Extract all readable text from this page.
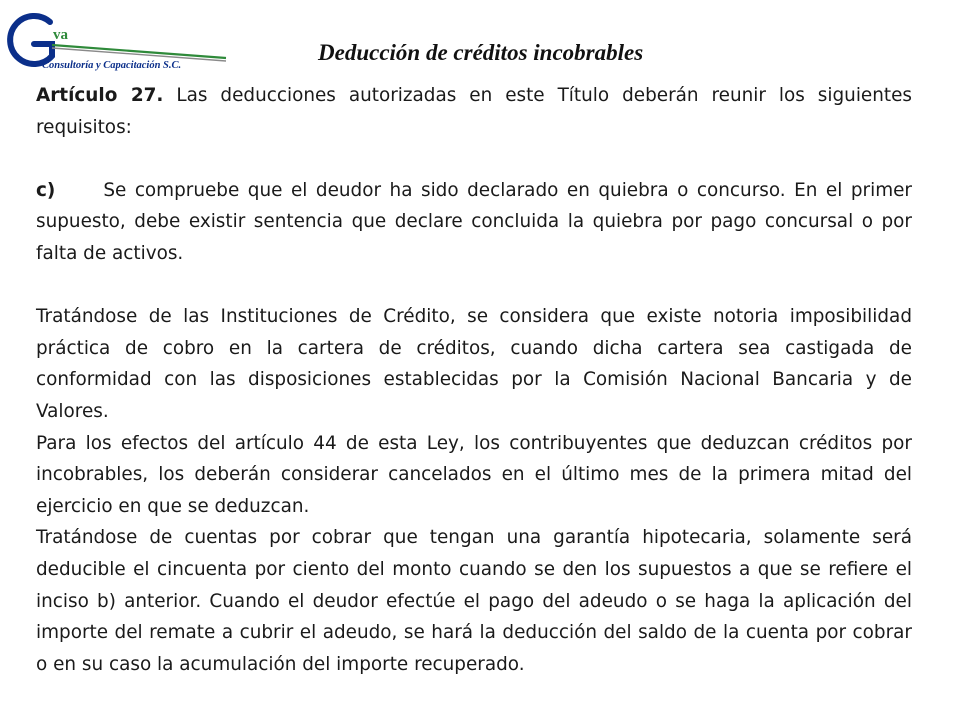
va
Consultoría y Capacitación S.C.
Deducción de créditos incobrables

Artículo 27. Las deducciones autorizadas en este Título deberán reunir los siguientes requisitos:

c)	Se compruebe que el deudor ha sido declarado en quiebra o concurso. En el primer supuesto, debe existir sentencia que declare concluida la quiebra por pago concursal o por falta de activos.

Tratándose de las Instituciones de Crédito, se considera que existe notoria imposibilidad práctica de cobro en la cartera de créditos, cuando dicha cartera sea castigada de conformidad con las disposiciones establecidas por la Comisión Nacional Bancaria y de Valores.

Para los efectos del artículo 44 de esta Ley, los contribuyentes que deduzcan créditos por incobrables, los deberán considerar cancelados en el último mes de la primera mitad del ejercicio en que se deduzcan.

Tratándose de cuentas por cobrar que tengan una garantía hipotecaria, solamente será deducible el cincuenta por ciento del monto cuando se den los supuestos a que se refiere el inciso b) anterior. Cuando el deudor efectúe el pago del adeudo o se haga la aplicación del importe del remate a cubrir el adeudo, se hará la deducción del saldo de la cuenta por cobrar o en su caso la acumulación del importe recuperado.
